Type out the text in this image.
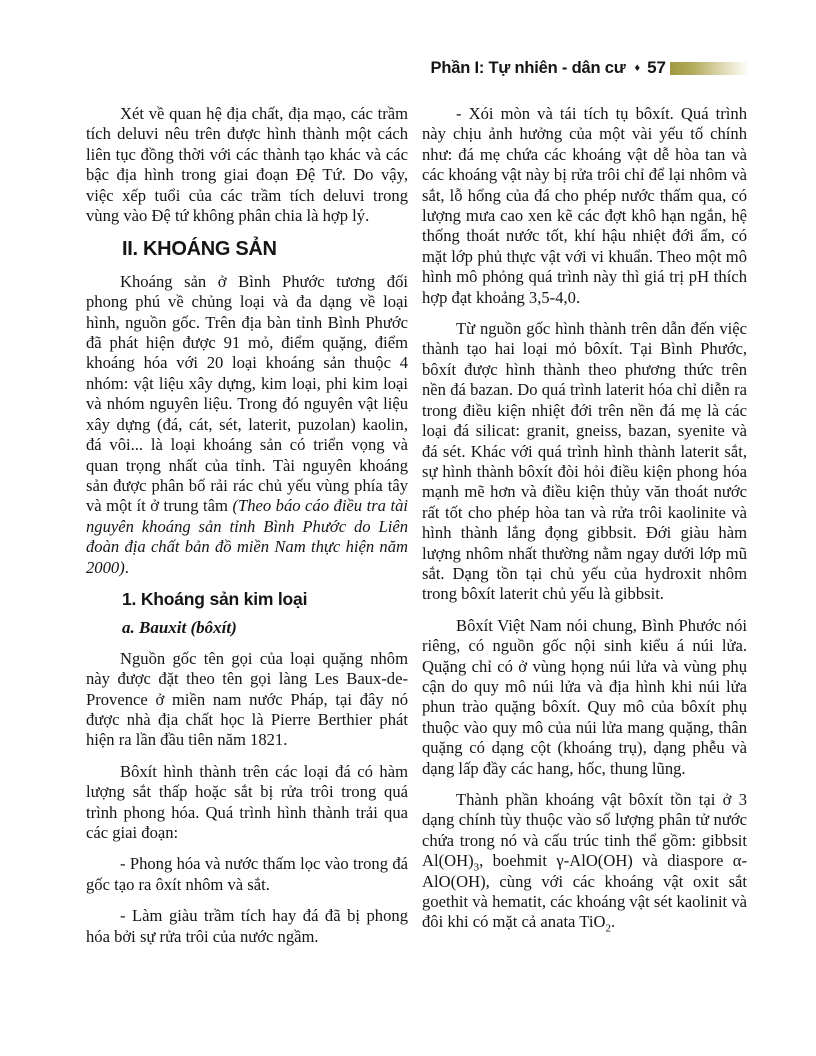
Phần I: Tự nhiên - dân cư ♦ 57

Xét về quan hệ địa chất, địa mạo, các trầm tích deluvi nêu trên được hình thành một cách liên tục đồng thời với các thành tạo khác và các bậc địa hình trong giai đoạn Đệ Tứ. Do vậy, việc xếp tuổi của các trầm tích deluvi trong vùng vào Đệ tứ không phân chia là hợp lý.

II. KHOÁNG SẢN

Khoáng sản ở Bình Phước tương đối phong phú về chủng loại và đa dạng về loại hình, nguồn gốc. Trên địa bàn tỉnh Bình Phước đã phát hiện được 91 mỏ, điểm quặng, điểm khoáng hóa với 20 loại khoáng sản thuộc 4 nhóm: vật liệu xây dựng, kim loại, phi kim loại và nhóm nguyên liệu. Trong đó nguyên vật liệu xây dựng (đá, cát, sét, laterit, puzolan) kaolin, đá vôi... là loại khoáng sản có triển vọng và quan trọng nhất của tỉnh. Tài nguyên khoáng sản được phân bố rải rác chủ yếu vùng phía tây và một ít ở trung tâm (Theo báo cáo điều tra tài nguyên khoáng sản tỉnh Bình Phước do Liên đoàn địa chất bản đồ miền Nam thực hiện năm 2000).

1. Khoáng sản kim loại
a. Bauxit (bôxít)

Nguồn gốc tên gọi của loại quặng nhôm này được đặt theo tên gọi làng Les Baux-de-Provence ở miền nam nước Pháp, tại đây nó được nhà địa chất học là Pierre Berthier phát hiện ra lần đầu tiên năm 1821.

Bôxít hình thành trên các loại đá có hàm lượng sắt thấp hoặc sắt bị rửa trôi trong quá trình phong hóa. Quá trình hình thành trải qua các giai đoạn:

- Phong hóa và nước thấm lọc vào trong đá gốc tạo ra ôxít nhôm và sắt.

- Làm giàu trầm tích hay đá đã bị phong hóa bởi sự rửa trôi của nước ngầm.

- Xói mòn và tái tích tụ bôxít. Quá trình này chịu ảnh hưởng của một vài yếu tố chính như: đá mẹ chứa các khoáng vật dễ hòa tan và các khoáng vật này bị rửa trôi chỉ để lại nhôm và sắt, lỗ hổng của đá cho phép nước thấm qua, có lượng mưa cao xen kẽ các đợt khô hạn ngắn, hệ thống thoát nước tốt, khí hậu nhiệt đới ẩm, có mặt lớp phủ thực vật với vi khuẩn. Theo một mô hình mô phỏng quá trình này thì giá trị pH thích hợp đạt khoảng 3,5-4,0.

Từ nguồn gốc hình thành trên dẫn đến việc thành tạo hai loại mỏ bôxít. Tại Bình Phước, bôxít được hình thành theo phương thức trên nền đá bazan. Do quá trình laterit hóa chỉ diễn ra trong điều kiện nhiệt đới trên nền đá mẹ là các loại đá silicat: granit, gneiss, bazan, syenite và đá sét. Khác với quá trình hình thành laterit sắt, sự hình thành bôxít đòi hỏi điều kiện phong hóa mạnh mẽ hơn và điều kiện thủy văn thoát nước rất tốt cho phép hòa tan và rửa trôi kaolinite và hình thành lắng đọng gibbsit. Đới giàu hàm lượng nhôm nhất thường nằm ngay dưới lớp mũ sắt. Dạng tồn tại chủ yếu của hydroxit nhôm trong bôxít laterit chủ yếu là gibbsit.

Bôxít Việt Nam nói chung, Bình Phước nói riêng, có nguồn gốc nội sinh kiểu á núi lửa. Quặng chỉ có ở vùng họng núi lửa và vùng phụ cận do quy mô núi lửa và địa hình khi núi lửa phun trào quặng bôxít. Quy mô của bôxít phụ thuộc vào quy mô của núi lửa mang quặng, thân quặng có dạng cột (khoáng trụ), dạng phễu và dạng lấp đầy các hang, hốc, thung lũng.

Thành phần khoáng vật bôxít tồn tại ở 3 dạng chính tùy thuộc vào số lượng phân tử nước chứa trong nó và cấu trúc tinh thể gồm: gibbsit $Al(OH)_3$, boehmit γ-AlO(OH) và diaspore α-AlO(OH), cùng với các khoáng vật oxit sắt goethit và hematit, các khoáng vật sét kaolinit và đôi khi có mặt cả anata TiO$_2$.
